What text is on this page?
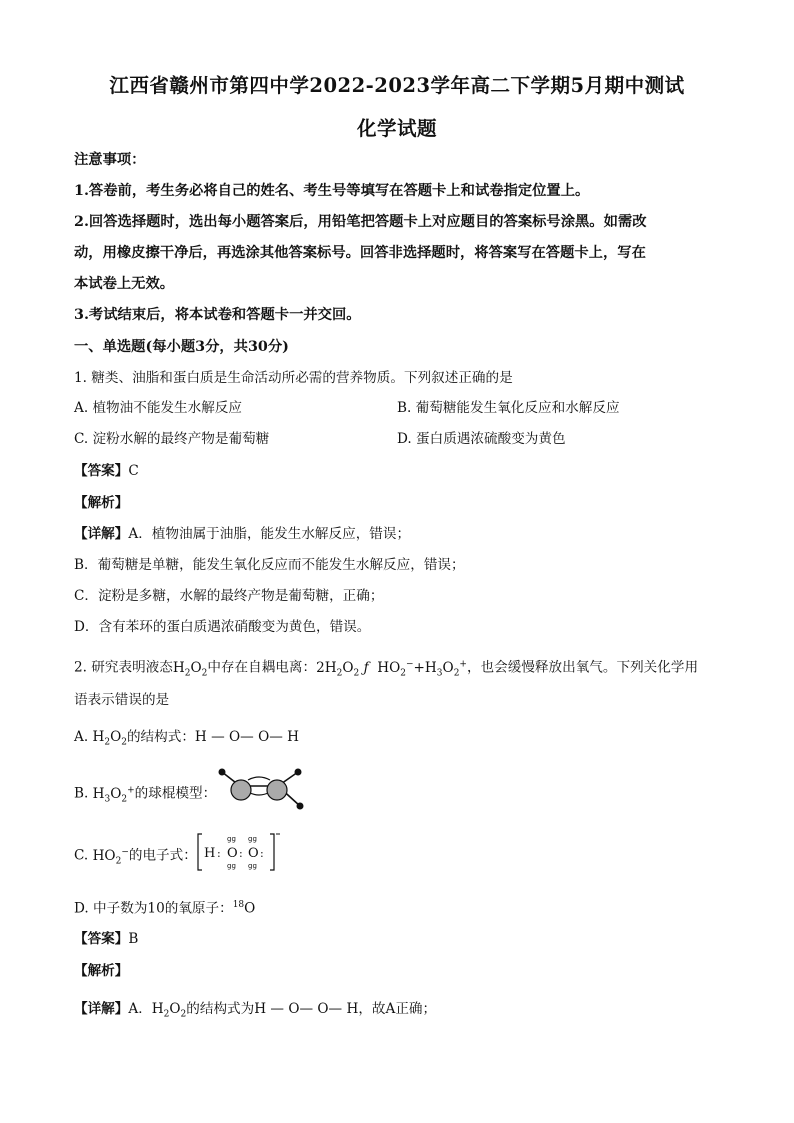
江西省赣州市第四中学2022-2023学年高二下学期5月期中测试
化学试题
注意事项：
1.答卷前，考生务必将自己的姓名、考生号等填写在答题卡上和试卷指定位置上。
2.回答选择题时，选出每小题答案后，用铅笔把答题卡上对应题目的答案标号涂黑。如需改
动，用橡皮擦干净后，再选涂其他答案标号。回答非选择题时，将答案写在答题卡上，写在
本试卷上无效。
3.考试结束后，将本试卷和答题卡一并交回。
一、单选题(每小题3分，共30分)
1. 糖类、油脂和蛋白质是生命活动所必需的营养物质。下列叙述正确的是
A. 植物油不能发生水解反应	B. 葡萄糖能发生氧化反应和水解反应
C. 淀粉水解的最终产物是葡萄糖	D. 蛋白质遇浓硫酸变为黄色
【答案】C
【解析】
【详解】A．植物油属于油脂，能发生水解反应，错误；
B．葡萄糖是单糖，能发生氧化反应而不能发生水解反应，错误；
C．淀粉是多糖，水解的最终产物是葡萄糖，正确；
D．含有苯环的蛋白质遇浓硝酸变为黄色，错误。
2. 研究表明液态$H_2O_2$中存在自耦电离：$2H_2O_2$ ƒ  $HO_2^-+H_3O_2^+$，也会缓慢释放出氧气。下列关化学用
语表示错误的是
A. $H_2O_2$的结构式：H — O— O— H
B. $H_3O_2^+$的球棍模型：
C. $HO_2^-$的电子式： H : O : O :
gg gg
gg gg
D. 中子数为10的氧原子：$^{18}$O
【答案】B
【解析】
【详解】A．$H_2O_2$的结构式为H — O— O— H，故A正确；
